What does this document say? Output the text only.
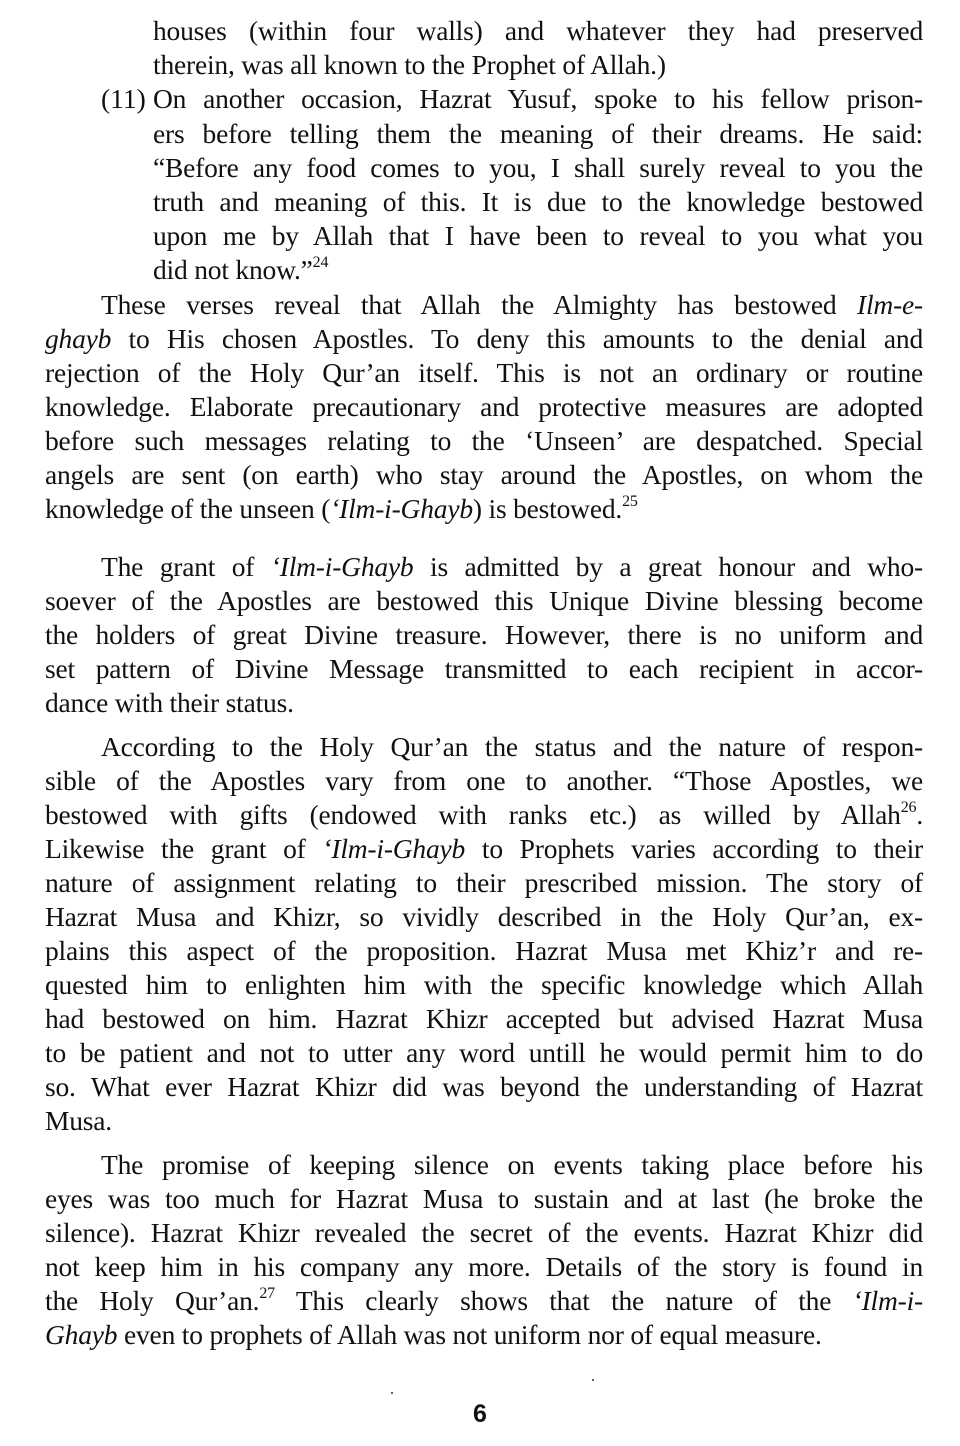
houses (within four walls) and whatever they had preserved
therein, was all known to the Prophet of Allah.)
(11) On another occasion, Hazrat Yusuf, spoke to his fellow prison-
ers before telling them the meaning of their dreams. He said:
“Before any food comes to you, I shall surely reveal to you the
truth and meaning of this. It is due to the knowledge bestowed
upon me by Allah that I have been to reveal to you what you
did not know.”$^{24}$
These verses reveal that Allah the Almighty has bestowed Ilm-e-
ghayb to His chosen Apostles. To deny this amounts to the denial and
rejection of the Holy Qur’an itself. This is not an ordinary or routine
knowledge. Elaborate precautionary and protective measures are adopted
before such messages relating to the ‘Unseen’ are despatched. Special
angels are sent (on earth) who stay around the Apostles, on whom the
knowledge of the unseen (‘Ilm-i-Ghayb) is bestowed.$^{25}$
The grant of ‘Ilm-i-Ghayb is admitted by a great honour and who-
soever of the Apostles are bestowed this Unique Divine blessing become
the holders of great Divine treasure. However, there is no uniform and
set pattern of Divine Message transmitted to each recipient in accor-
dance with their status.
According to the Holy Qur’an the status and the nature of respon-
sible of the Apostles vary from one to another. “Those Apostles, we
bestowed with gifts (endowed with ranks etc.) as willed by Allah$^{26}$.
Likewise the grant of ‘Ilm-i-Ghayb to Prophets varies according to their
nature of assignment relating to their prescribed mission. The story of
Hazrat Musa and Khizr, so vividly described in the Holy Qur’an, ex-
plains this aspect of the proposition. Hazrat Musa met Khiz’r and re-
quested him to enlighten him with the specific knowledge which Allah
had bestowed on him. Hazrat Khizr accepted but advised Hazrat Musa
to be patient and not to utter any word untill he would permit him to do
so. What ever Hazrat Khizr did was beyond the understanding of Hazrat
Musa.
The promise of keeping silence on events taking place before his
eyes was too much for Hazrat Musa to sustain and at last (he broke the
silence). Hazrat Khizr revealed the secret of the events. Hazrat Khizr did
not keep him in his company any more. Details of the story is found in
the Holy Qur’an.$^{27}$ This clearly shows that the nature of the ‘Ilm-i-
Ghayb even to prophets of Allah was not uniform nor of equal measure.
6
